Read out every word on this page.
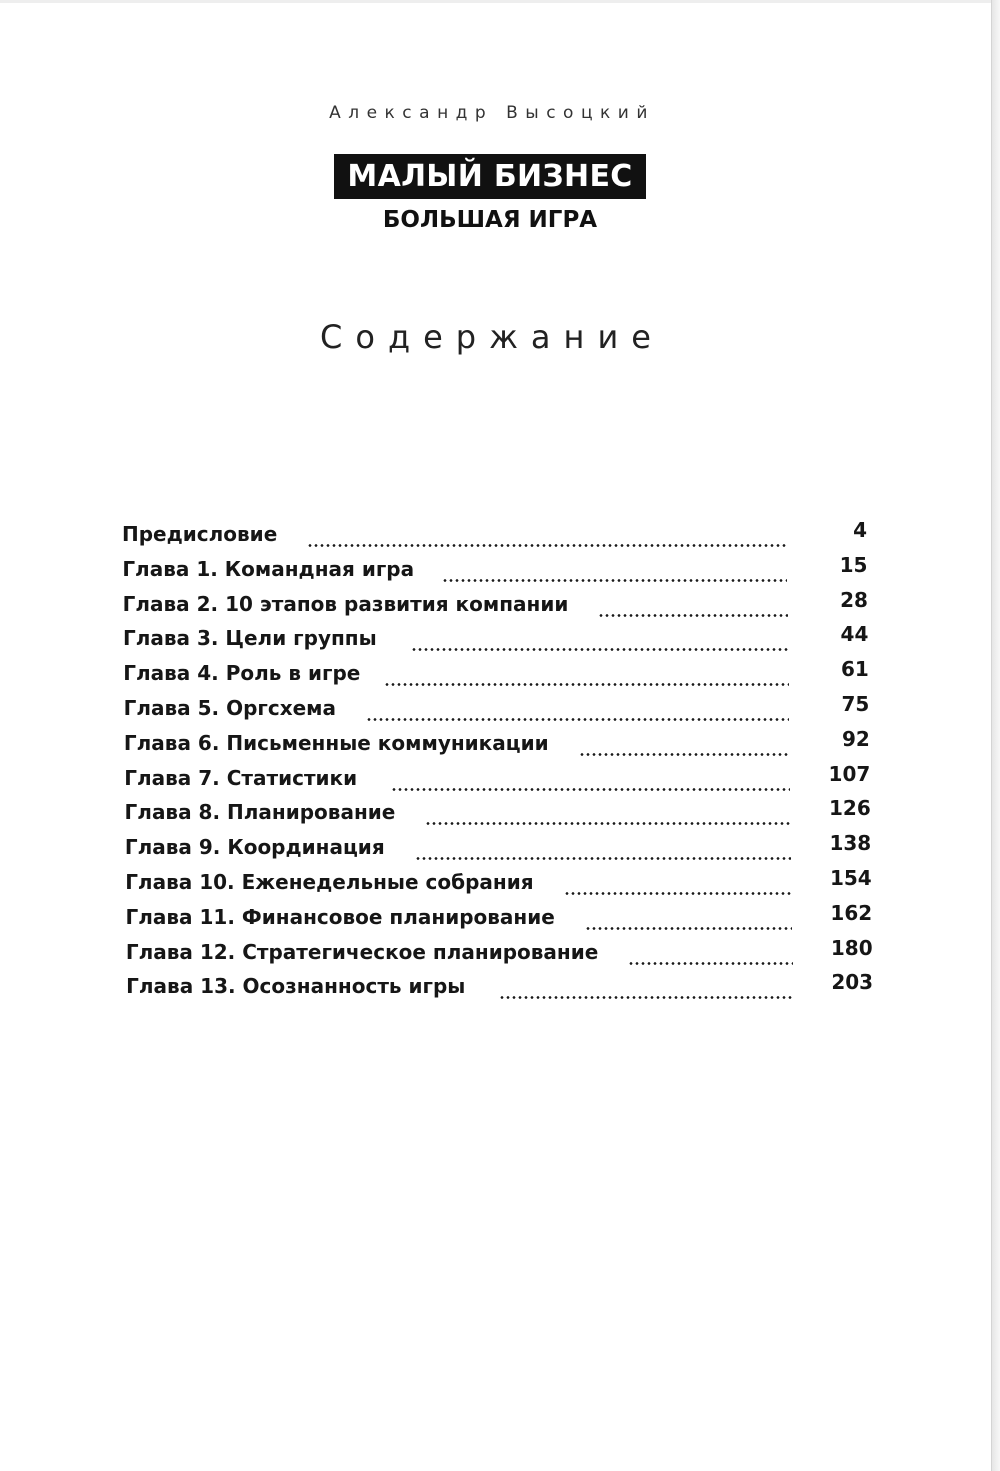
Александр Высоцкий
МАЛЫЙ БИЗНЕС
БОЛЬШАЯ ИГРА
Содержание
Предисловие	4
Глава 1. Командная игра	15
Глава 2. 10 этапов развития компании	28
Глава 3. Цели группы	44
Глава 4. Роль в игре	61
Глава 5. Оргсхема	75
Глава 6. Письменные коммуникации	92
Глава 7. Статистики	107
Глава 8. Планирование	126
Глава 9. Координация	138
Глава 10. Еженедельные собрания	154
Глава 11. Финансовое планирование	162
Глава 12. Стратегическое планирование	180
Глава 13. Осознанность игры	203
